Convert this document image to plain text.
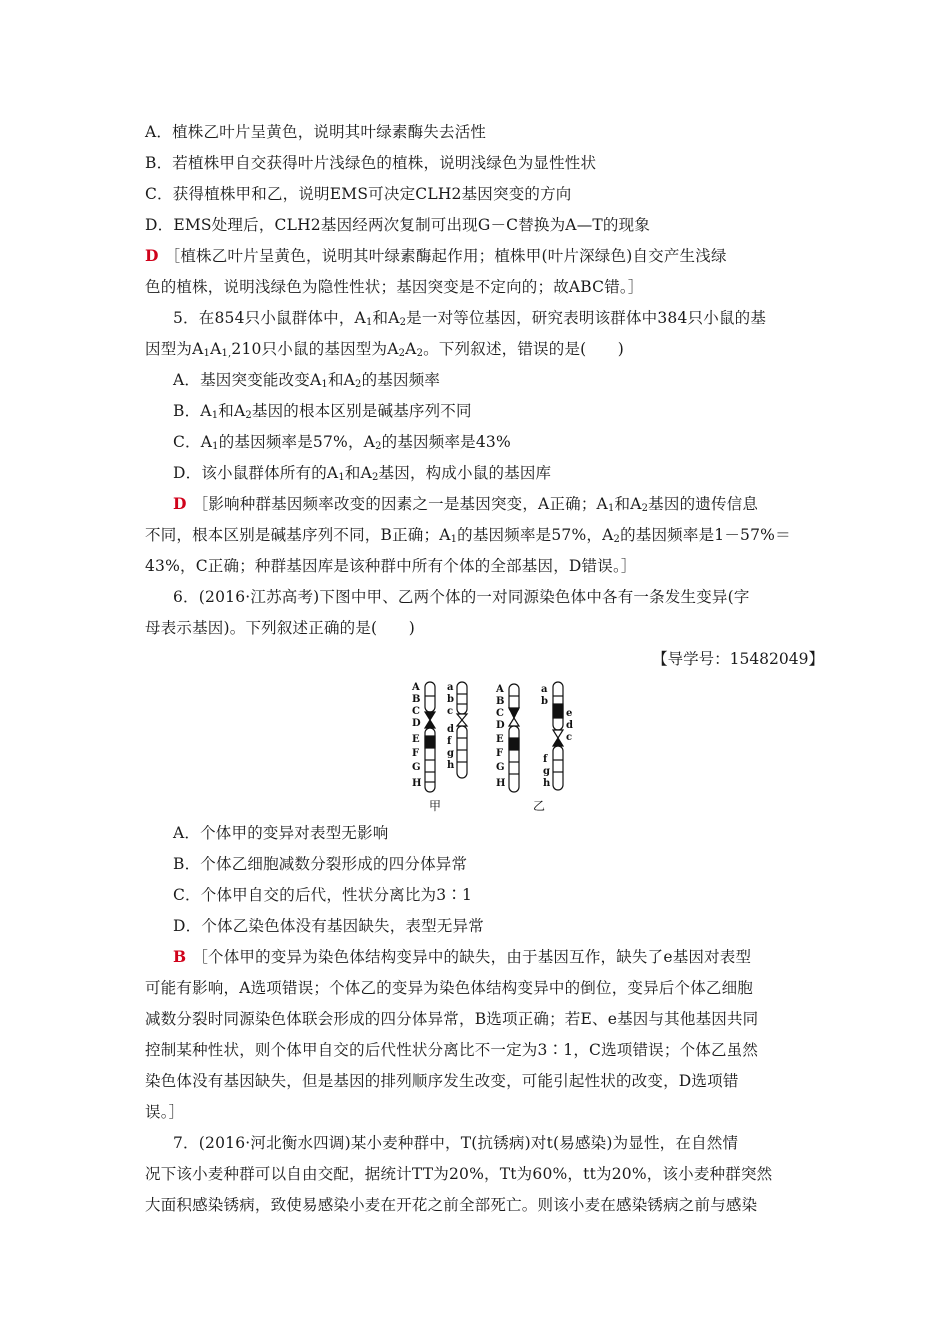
A．植株乙叶片呈黄色，说明其叶绿素酶失去活性
B．若植株甲自交获得叶片浅绿色的植株，说明浅绿色为显性性状
C．获得植株甲和乙，说明EMS可决定CLH2基因突变的方向
D．EMS处理后，CLH2基因经两次复制可出现G－C替换为A—T的现象
D ［植株乙叶片呈黄色，说明其叶绿素酶起作用；植株甲(叶片深绿色)自交产生浅绿
色的植株，说明浅绿色为隐性性状；基因突变是不定向的；故ABC错。］
5．在854只小鼠群体中，$A_1$和$A_2$是一对等位基因，研究表明该群体中384只小鼠的基
因型为$A_1A_{1,}210$只小鼠的基因型为$A_2A_2$。下列叙述，错误的是(　　)
A．基因突变能改变$A_1$和$A_2$的基因频率
B．$A_1$和$A_2$基因的根本区别是碱基序列不同
C．$A_1$的基因频率是57%，$A_2$的基因频率是43%
D．该小鼠群体所有的$A_1$和$A_2$基因，构成小鼠的基因库
D ［影响种群基因频率改变的因素之一是基因突变，A正确；$A_1$和$A_2$基因的遗传信息
不同，根本区别是碱基序列不同，B正确；$A_1$的基因频率是57%，$A_2$的基因频率是1－57%＝
43%，C正确；种群基因库是该种群中所有个体的全部基因，D错误。］
6．(2016·江苏高考)下图中甲、乙两个体的一对同源染色体中各有一条发生变异(字
母表示基因)。下列叙述正确的是(　　)
【导学号：15482049】
A
B
C
D
E
F
G
H
a
b
c
d
f
g
h
甲
A
B
C
D
E
F
G
H
a
b
e
d
c
f
g
h
乙
A．个体甲的变异对表型无影响
B．个体乙细胞减数分裂形成的四分体异常
C．个体甲自交的后代，性状分离比为3∶1
D．个体乙染色体没有基因缺失，表型无异常
B ［个体甲的变异为染色体结构变异中的缺失，由于基因互作，缺失了e基因对表型
可能有影响，A选项错误；个体乙的变异为染色体结构变异中的倒位，变异后个体乙细胞
减数分裂时同源染色体联会形成的四分体异常，B选项正确；若E、e基因与其他基因共同
控制某种性状，则个体甲自交的后代性状分离比不一定为3∶1，C选项错误；个体乙虽然
染色体没有基因缺失，但是基因的排列顺序发生改变，可能引起性状的改变，D选项错
误。］
7．(2016·河北衡水四调)某小麦种群中，T(抗锈病)对t(易感染)为显性，在自然情
况下该小麦种群可以自由交配，据统计TT为20%，Tt为60%，tt为20%，该小麦种群突然
大面积感染锈病，致使易感染小麦在开花之前全部死亡。则该小麦在感染锈病之前与感染
